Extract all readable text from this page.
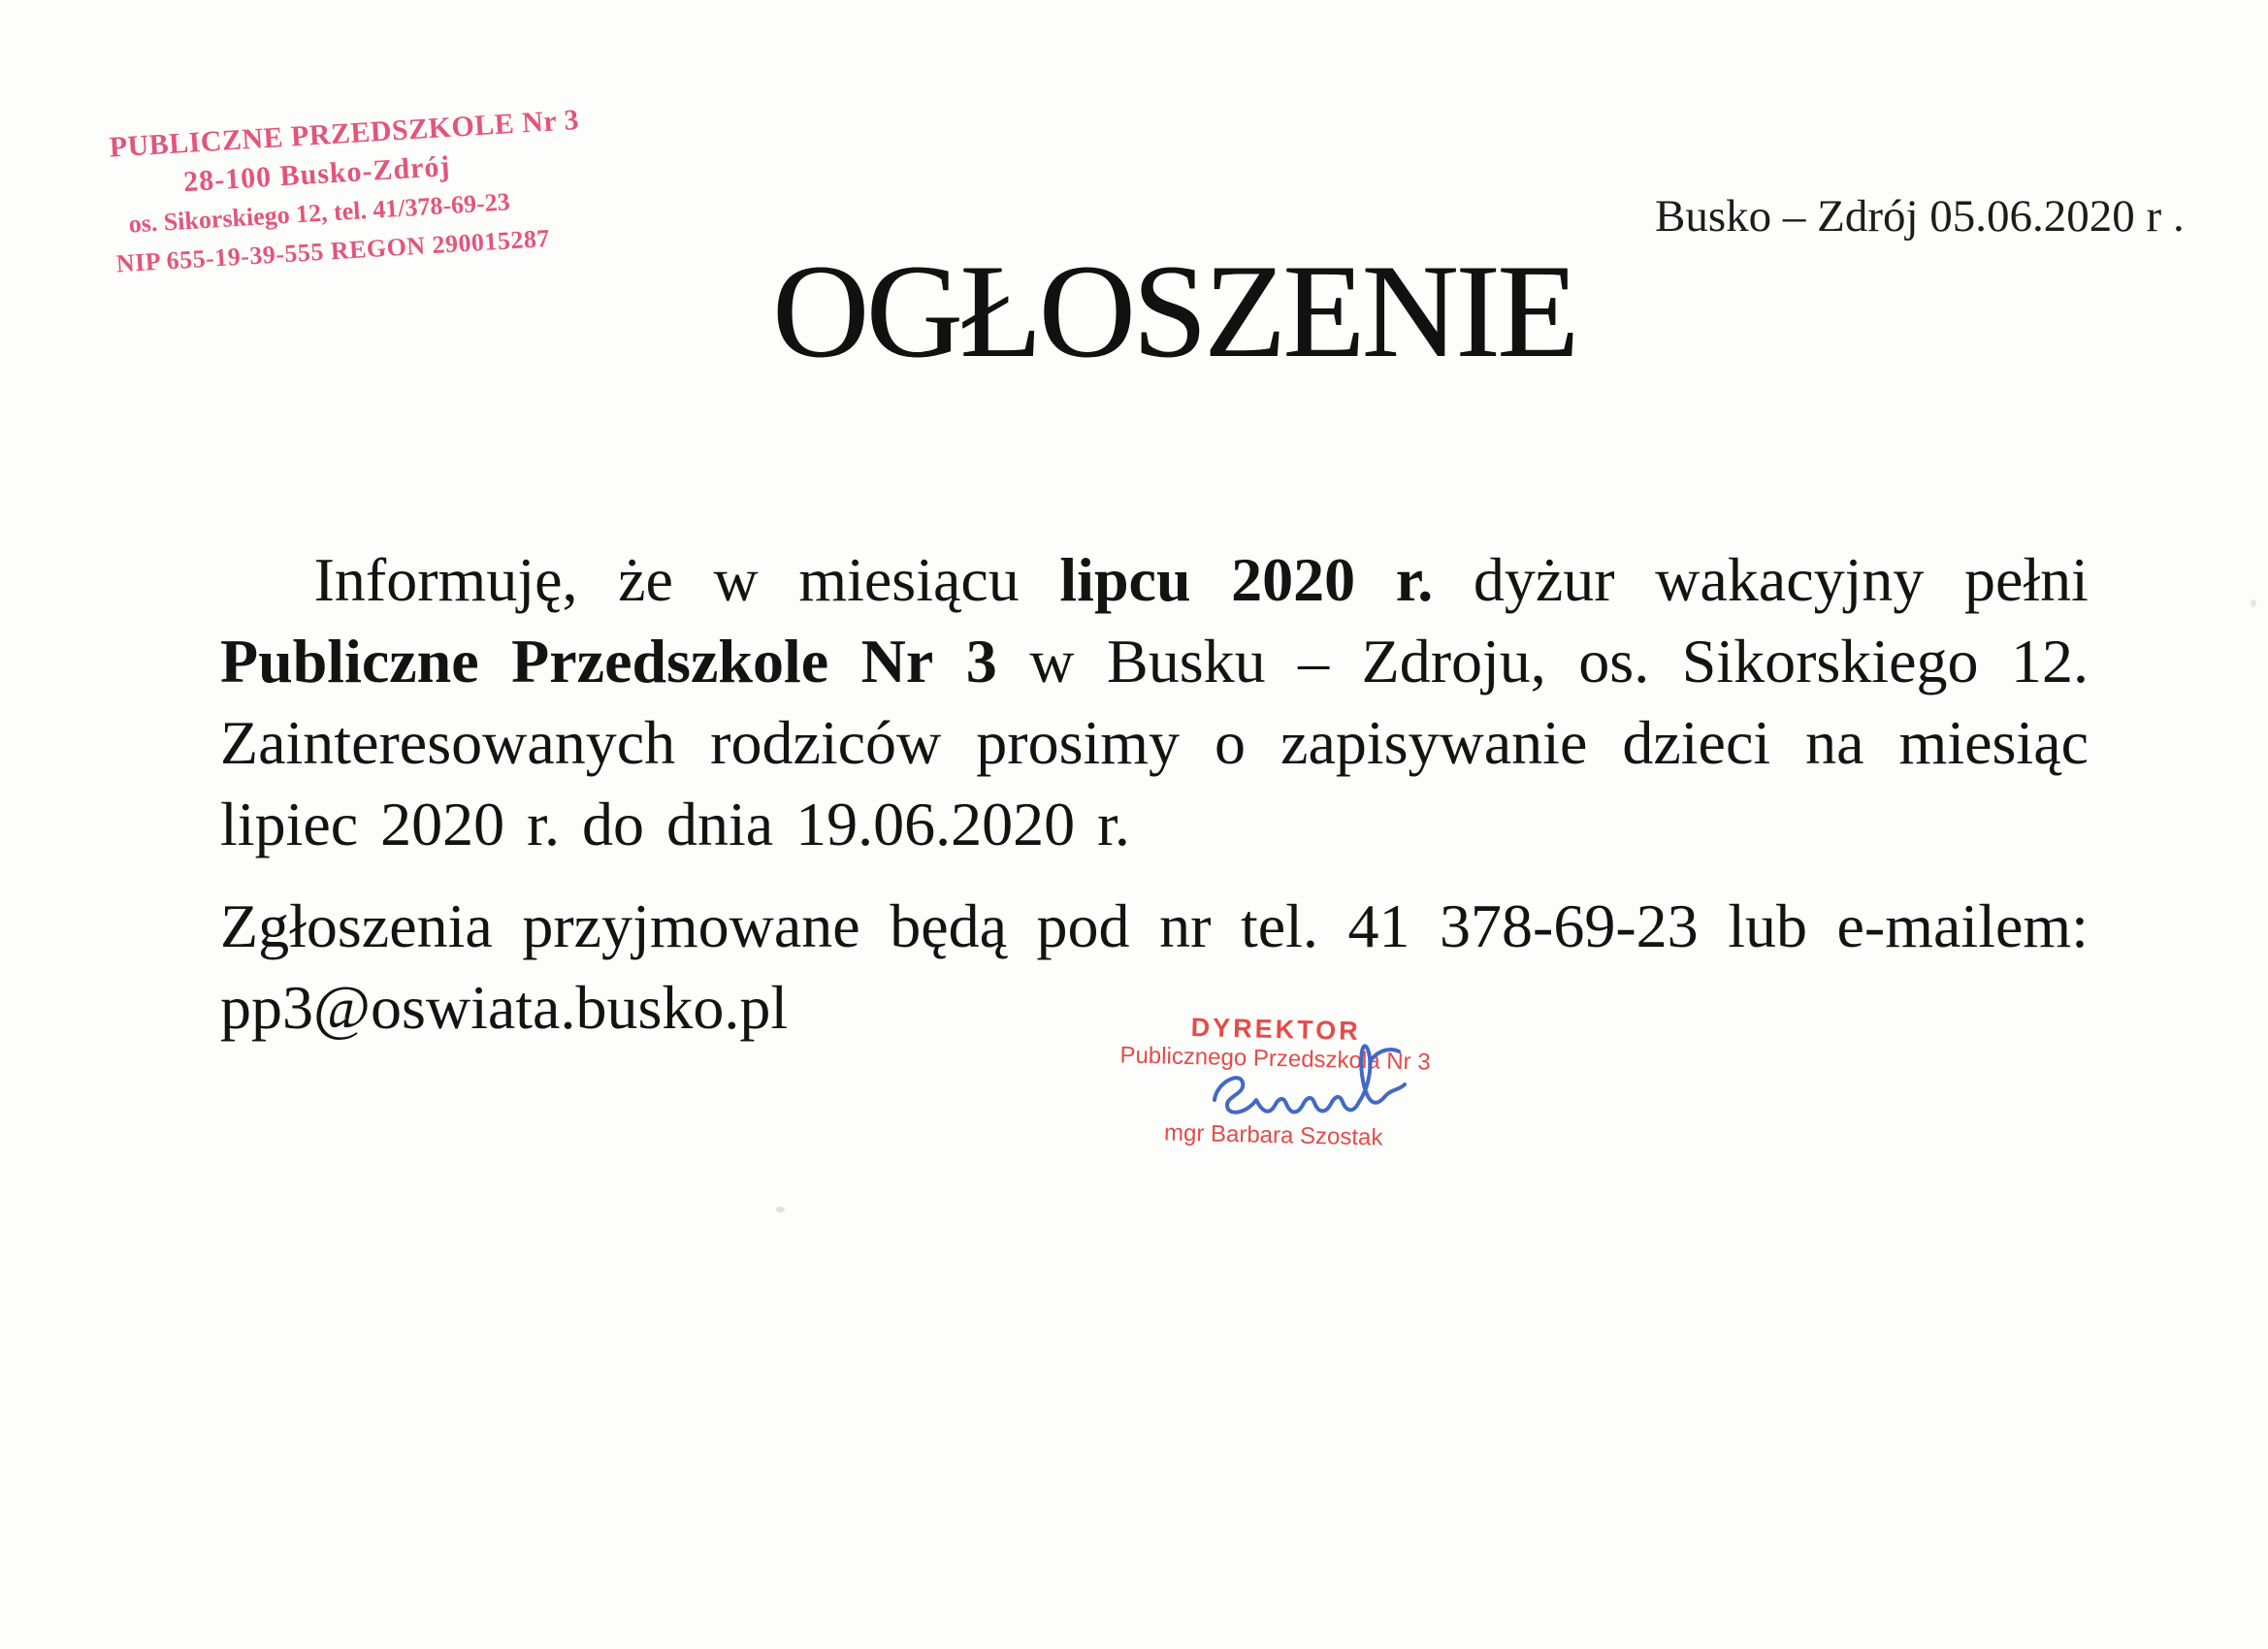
PUBLICZNE PRZEDSZKOLE Nr 3
28-100 Busko-Zdrój
os. Sikorskiego 12, tel. 41/378-69-23
NIP 655-19-39-555 REGON 290015287
Busko – Zdrój 05.06.2020 r .
OGŁOSZENIE
Informuję, że w miesiącu lipcu 2020 r. dyżur wakacyjny pełni
Publiczne Przedszkole Nr 3 w Busku – Zdroju, os. Sikorskiego 12.
Zainteresowanych rodziców prosimy o zapisywanie dzieci na miesiąc
lipiec 2020 r. do dnia 19.06.2020 r.
Zgłoszenia przyjmowane będą pod nr tel. 41 378-69-23 lub e-mailem:
pp3@oswiata.busko.pl	DYREKTOR
Publicznego Przedszkola Nr 3
mgr Barbara Szostak
